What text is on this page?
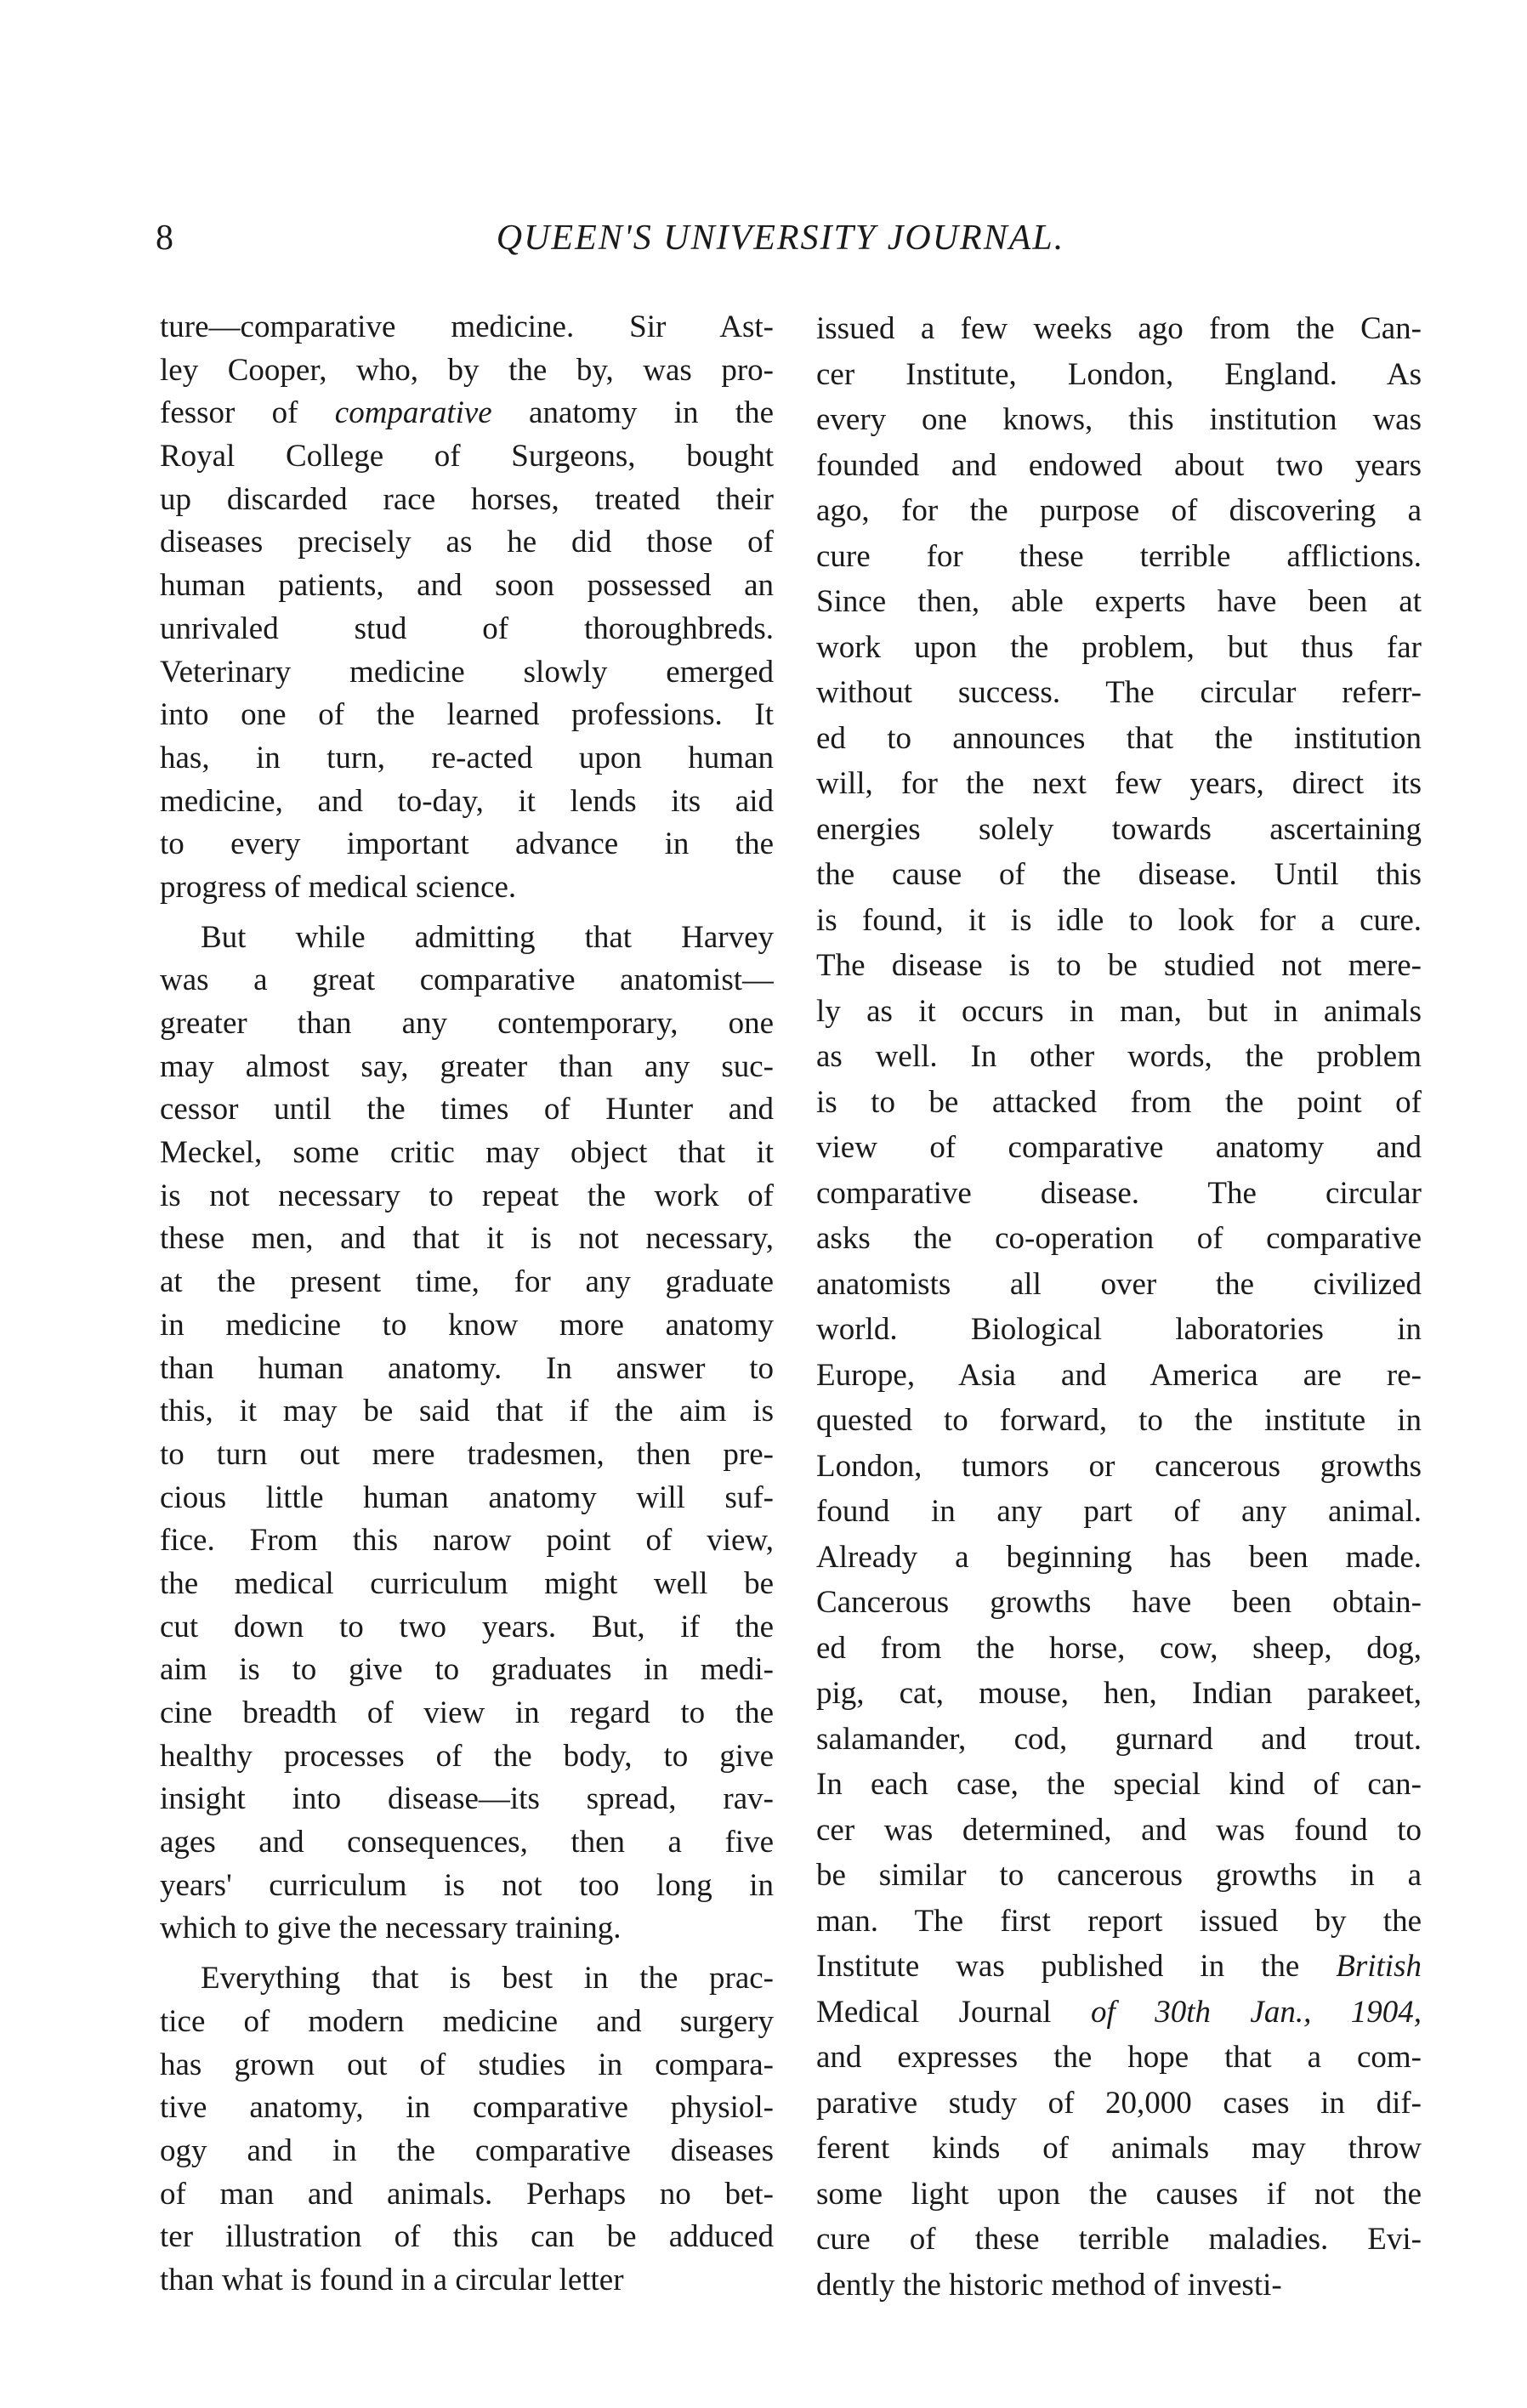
8	QUEEN'S UNIVERSITY JOURNAL.
ture—comparative medicine. Sir Ast-
ley Cooper, who, by the by, was pro-
fessor of comparative anatomy in the
Royal College of Surgeons, bought
up discarded race horses, treated their
diseases precisely as he did those of
human patients, and soon possessed an
unrivaled stud of thoroughbreds.
Veterinary medicine slowly emerged
into one of the learned professions. It
has, in turn, re-acted upon human
medicine, and to-day, it lends its aid
to every important advance in the
progress of medical science.
But while admitting that Harvey
was a great comparative anatomist—
greater than any contemporary, one
may almost say, greater than any suc-
cessor until the times of Hunter and
Meckel, some critic may object that it
is not necessary to repeat the work of
these men, and that it is not necessary,
at the present time, for any graduate
in medicine to know more anatomy
than human anatomy. In answer to
this, it may be said that if the aim is
to turn out mere tradesmen, then pre-
cious little human anatomy will suf-
fice. From this narow point of view,
the medical curriculum might well be
cut down to two years. But, if the
aim is to give to graduates in medi-
cine breadth of view in regard to the
healthy processes of the body, to give
insight into disease—its spread, rav-
ages and consequences, then a five
years' curriculum is not too long in
which to give the necessary training.
Everything that is best in the prac-
tice of modern medicine and surgery
has grown out of studies in compara-
tive anatomy, in comparative physiol-
ogy and in the comparative diseases
of man and animals. Perhaps no bet-
ter illustration of this can be adduced
than what is found in a circular letter
issued a few weeks ago from the Can-
cer Institute, London, England. As
every one knows, this institution was
founded and endowed about two years
ago, for the purpose of discovering a
cure for these terrible afflictions.
Since then, able experts have been at
work upon the problem, but thus far
without success. The circular referr-
ed to announces that the institution
will, for the next few years, direct its
energies solely towards ascertaining
the cause of the disease. Until this
is found, it is idle to look for a cure.
The disease is to be studied not mere-
ly as it occurs in man, but in animals
as well. In other words, the problem
is to be attacked from the point of
view of comparative anatomy and
comparative disease. The circular
asks the co-operation of comparative
anatomists all over the civilized
world. Biological laboratories in
Europe, Asia and America are re-
quested to forward, to the institute in
London, tumors or cancerous growths
found in any part of any animal.
Already a beginning has been made.
Cancerous growths have been obtain-
ed from the horse, cow, sheep, dog,
pig, cat, mouse, hen, Indian parakeet,
salamander, cod, gurnard and trout.
In each case, the special kind of can-
cer was determined, and was found to
be similar to cancerous growths in a
man. The first report issued by the
Institute was published in the British
Medical Journal of 30th Jan., 1904,
and expresses the hope that a com-
parative study of 20,000 cases in dif-
ferent kinds of animals may throw
some light upon the causes if not the
cure of these terrible maladies. Evi-
dently the historic method of investi-
